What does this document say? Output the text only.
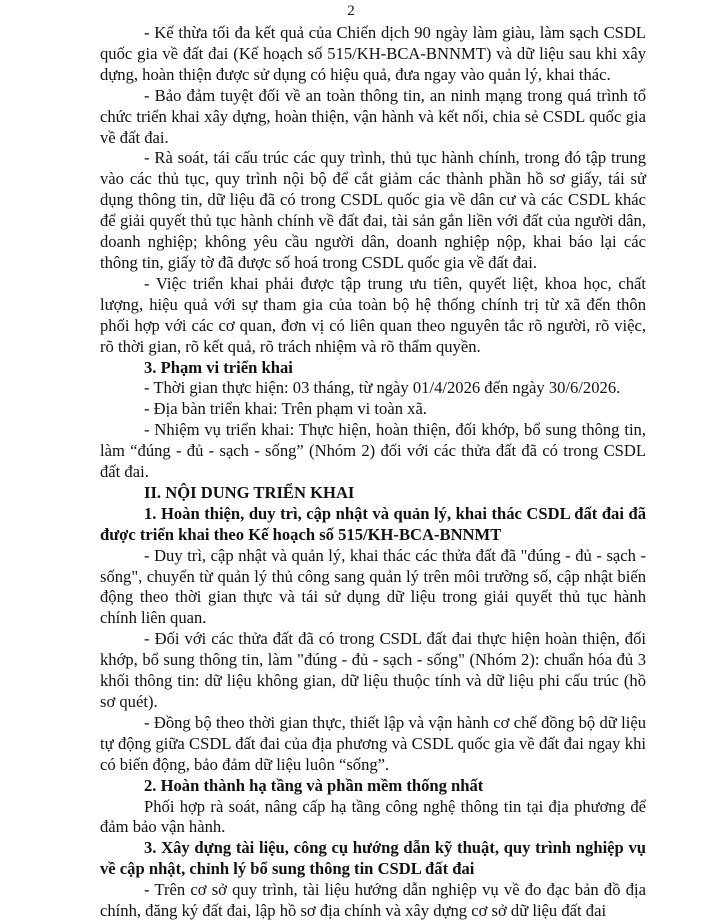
2

- Kế thừa tối đa kết quả của Chiến dịch 90 ngày làm giàu, làm sạch CSDL quốc gia về đất đai (Kế hoạch số 515/KH-BCA-BNNMT) và dữ liệu sau khi xây dựng, hoàn thiện được sử dụng có hiệu quả, đưa ngay vào quản lý, khai thác.

- Bảo đảm tuyệt đối về an toàn thông tin, an ninh mạng trong quá trình tổ chức triển khai xây dựng, hoàn thiện, vận hành và kết nối, chia sẻ CSDL quốc gia về đất đai.

- Rà soát, tái cấu trúc các quy trình, thủ tục hành chính, trong đó tập trung vào các thủ tục, quy trình nội bộ để cắt giảm các thành phần hồ sơ giấy, tái sử dụng thông tin, dữ liệu đã có trong CSDL quốc gia về dân cư và các CSDL khác để giải quyết thủ tục hành chính về đất đai, tài sản gắn liền với đất của người dân, doanh nghiệp; không yêu cầu người dân, doanh nghiệp nộp, khai báo lại các thông tin, giấy tờ đã được số hoá trong CSDL quốc gia về đất đai.

- Việc triển khai phải được tập trung ưu tiên, quyết liệt, khoa học, chất lượng, hiệu quả với sự tham gia của toàn bộ hệ thống chính trị từ xã đến thôn phối hợp với các cơ quan, đơn vị có liên quan theo nguyên tắc rõ người, rõ việc, rõ thời gian, rõ kết quả, rõ trách nhiệm và rõ thẩm quyền.

3. Phạm vi triển khai

- Thời gian thực hiện: 03 tháng, từ ngày 01/4/2026 đến ngày 30/6/2026.

- Địa bàn triển khai: Trên phạm vi toàn xã.

- Nhiệm vụ triển khai: Thực hiện, hoàn thiện, đối khớp, bổ sung thông tin, làm “đúng - đủ - sạch - sống” (Nhóm 2) đối với các thửa đất đã có trong CSDL đất đai.

II. NỘI DUNG TRIỂN KHAI

1. Hoàn thiện, duy trì, cập nhật và quản lý, khai thác CSDL đất đai đã được triển khai theo Kế hoạch số 515/KH-BCA-BNNMT

- Duy trì, cập nhật và quản lý, khai thác các thửa đất đã "đúng - đủ - sạch - sống", chuyển từ quản lý thủ công sang quản lý trên môi trường số, cập nhật biến động theo thời gian thực và tái sử dụng dữ liệu trong giải quyết thủ tục hành chính liên quan.

- Đối với các thửa đất đã có trong CSDL đất đai thực hiện hoàn thiện, đối khớp, bổ sung thông tin, làm "đúng - đủ - sạch - sống" (Nhóm 2): chuẩn hóa đủ 3 khối thông tin: dữ liệu không gian, dữ liệu thuộc tính và dữ liệu phi cấu trúc (hồ sơ quét).

- Đồng bộ theo thời gian thực, thiết lập và vận hành cơ chế đồng bộ dữ liệu tự động giữa CSDL đất đai của địa phương và CSDL quốc gia về đất đai ngay khi có biến động, bảo đảm dữ liệu luôn “sống”.

2. Hoàn thành hạ tầng và phần mềm thống nhất

Phối hợp rà soát, nâng cấp hạ tầng công nghệ thông tin tại địa phương để đảm bảo vận hành.

3. Xây dựng tài liệu, công cụ hướng dẫn kỹ thuật, quy trình nghiệp vụ về cập nhật, chỉnh lý bổ sung thông tin CSDL đất đai

- Trên cơ sở quy trình, tài liệu hướng dẫn nghiệp vụ về đo đạc bản đồ địa chính, đăng ký đất đai, lập hồ sơ địa chính và xây dựng cơ sở dữ liệu đất đai
